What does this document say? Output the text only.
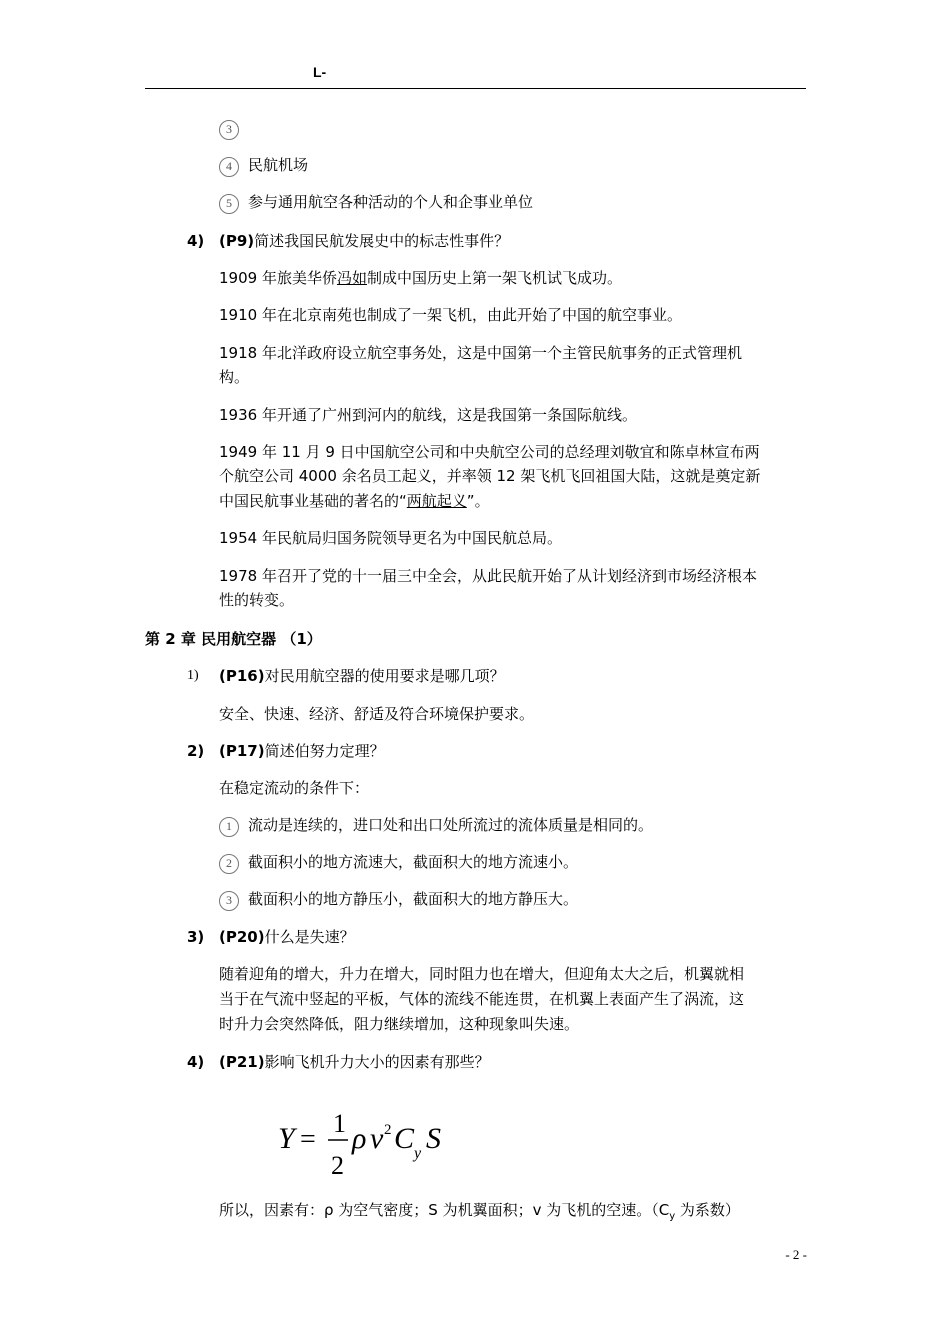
L-
3
4	民航机场
5	参与通用航空各种活动的个人和企事业单位
4) (P9)简述我国民航发展史中的标志性事件？
1909 年旅美华侨冯如制成中国历史上第一架飞机试飞成功。
1910 年在北京南苑也制成了一架飞机，由此开始了中国的航空事业。
1918 年北洋政府设立航空事务处，这是中国第一个主管民航事务的正式管理机
构。
1936 年开通了广州到河内的航线，这是我国第一条国际航线。
1949 年 11 月 9 日中国航空公司和中央航空公司的总经理刘敬宜和陈卓林宣布两
个航空公司 4000 余名员工起义，并率领 12 架飞机飞回祖国大陆，这就是奠定新
中国民航事业基础的著名的“两航起义”。
1954 年民航局归国务院领导更名为中国民航总局。
1978 年召开了党的十一届三中全会，从此民航开始了从计划经济到市场经济根本
性的转变。
第 2 章 民用航空器 （1）
1) (P16)对民用航空器的使用要求是哪几项？
安全、快速、经济、舒适及符合环境保护要求。
2) (P17)简述伯努力定理？
在稳定流动的条件下：
1	流动是连续的，进口处和出口处所流过的流体质量是相同的。
2	截面积小的地方流速大，截面积大的地方流速小。
3	截面积小的地方静压小，截面积大的地方静压大。
3) (P20)什么是失速？
随着迎角的增大，升力在增大，同时阻力也在增大，但迎角太大之后，机翼就相
当于在气流中竖起的平板，气体的流线不能连贯，在机翼上表面产生了涡流，这
时升力会突然降低，阻力继续增加，这种现象叫失速。
4) (P21)影响飞机升力大小的因素有那些？
Y =
1
2
ρ v 2 C y S
所以，因素有：ρ 为空气密度；S 为机翼面积；v 为飞机的空速。（$C_y$ 为系数）
- 2 -
